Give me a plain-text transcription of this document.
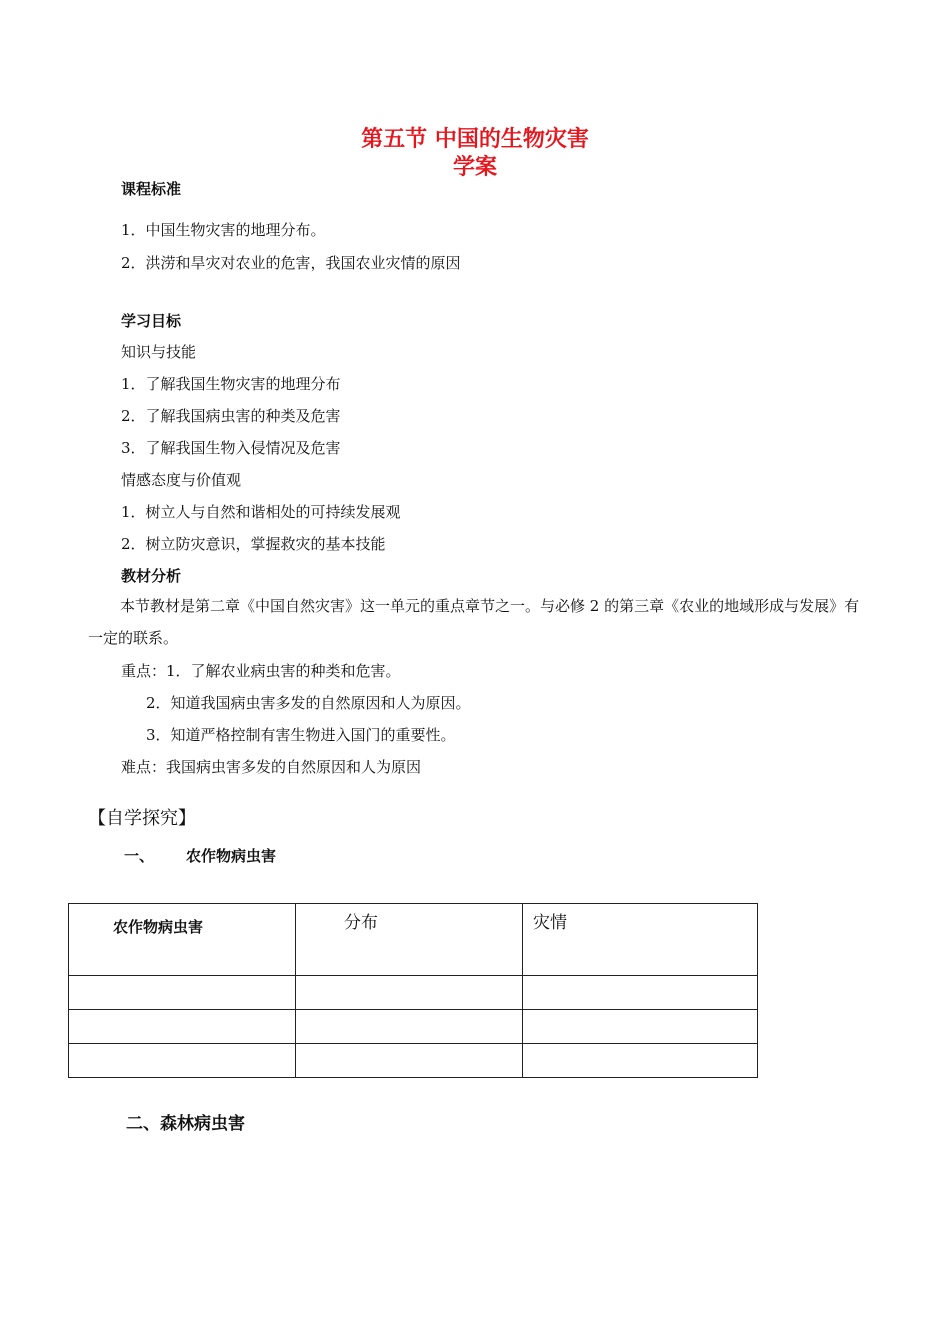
第五节 中国的生物灾害
学案
课程标准
1．中国生物灾害的地理分布。
2．洪涝和旱灾对农业的危害，我国农业灾情的原因
学习目标
知识与技能
1．了解我国生物灾害的地理分布
2．了解我国病虫害的种类及危害
3．了解我国生物入侵情况及危害
情感态度与价值观
1．树立人与自然和谐相处的可持续发展观
2．树立防灾意识，掌握救灾的基本技能
教材分析
本节教材是第二章《中国自然灾害》这一单元的重点章节之一。与必修 2 的第三章《农业的地域形成与发展》有一定的联系。
重点：1．了解农业病虫害的种类和危害。
2．知道我国病虫害多发的自然原因和人为原因。
3．知道严格控制有害生物进入国门的重要性。
难点：我国病虫害多发的自然原因和人为原因
【自学探究】
一、 农作物病虫害
农作物病虫害	分布	灾情

二、森林病虫害
